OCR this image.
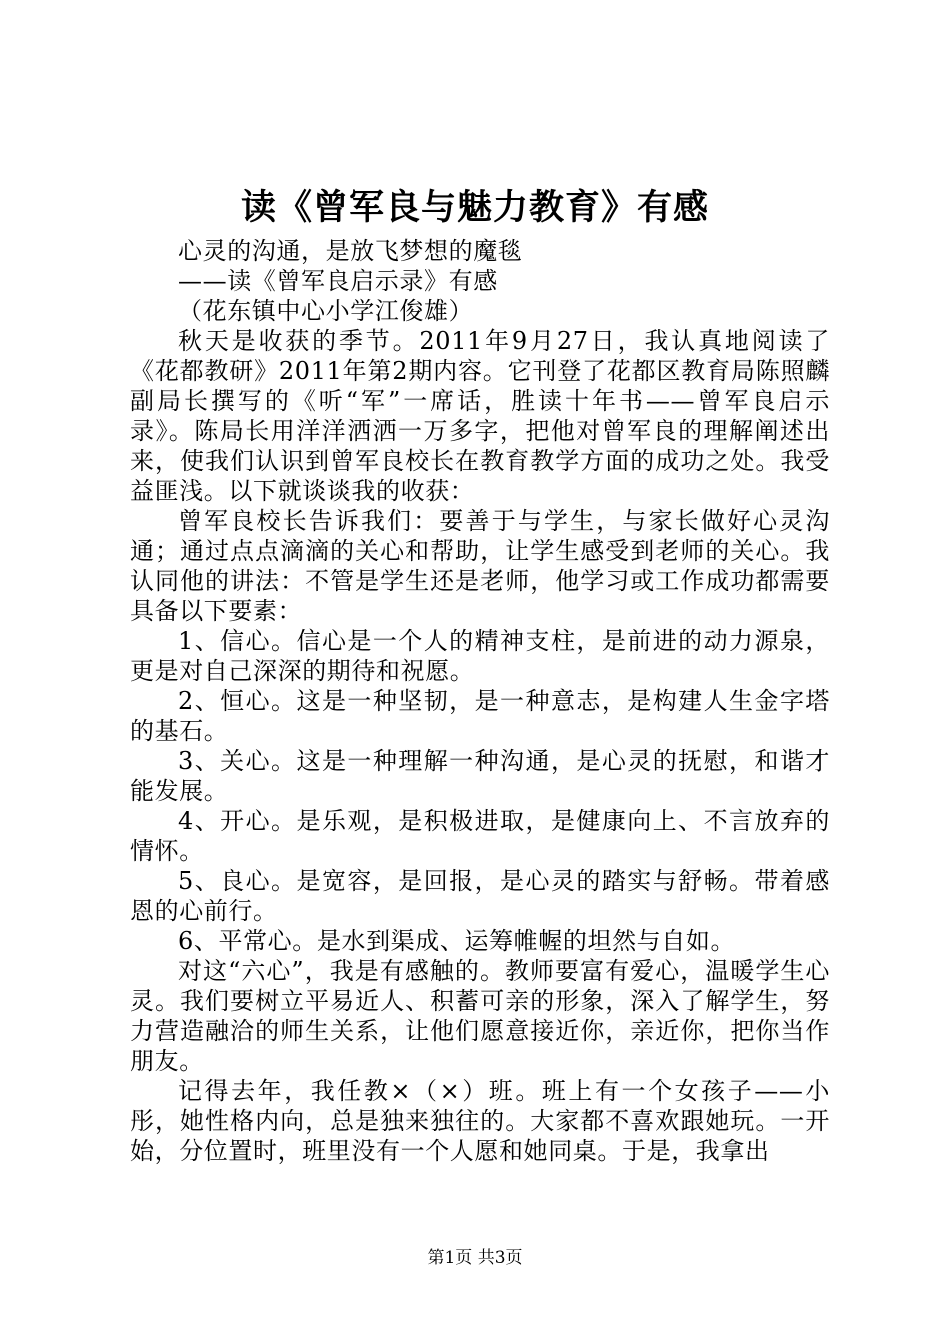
读《曾军良与魅力教育》有感

心灵的沟通，是放飞梦想的魔毯

——读《曾军良启示录》有感

（花东镇中心小学江俊雄）

秋天是收获的季节。2011年9月27日，我认真地阅读了《花都教研》2011年第2期内容。它刊登了花都区教育局陈照麟副局长撰写的《听“军”一席话，胜读十年书——曾军良启示录》。陈局长用洋洋洒洒一万多字，把他对曾军良的理解阐述出来，使我们认识到曾军良校长在教育教学方面的成功之处。我受益匪浅。以下就谈谈我的收获：

曾军良校长告诉我们：要善于与学生，与家长做好心灵沟通；通过点点滴滴的关心和帮助，让学生感受到老师的关心。我认同他的讲法：不管是学生还是老师，他学习或工作成功都需要具备以下要素：

1、信心。信心是一个人的精神支柱，是前进的动力源泉，更是对自己深深的期待和祝愿。

2、恒心。这是一种坚韧，是一种意志，是构建人生金字塔的基石。

3、关心。这是一种理解一种沟通，是心灵的抚慰，和谐才能发展。

4、开心。是乐观，是积极进取，是健康向上、不言放弃的情怀。

5、良心。是宽容，是回报，是心灵的踏实与舒畅。带着感恩的心前行。

6、平常心。是水到渠成、运筹帷幄的坦然与自如。

对这“六心”，我是有感触的。教师要富有爱心，温暖学生心灵。我们要树立平易近人、积蓄可亲的形象，深入了解学生，努力营造融洽的师生关系，让他们愿意接近你，亲近你，把你当作朋友。

记得去年，我任教×（×）班。班上有一个女孩子——小彤，她性格内向，总是独来独往的。大家都不喜欢跟她玩。一开始，分位置时，班里没有一个人愿和她同桌。于是，我拿出

第1页 共3页
